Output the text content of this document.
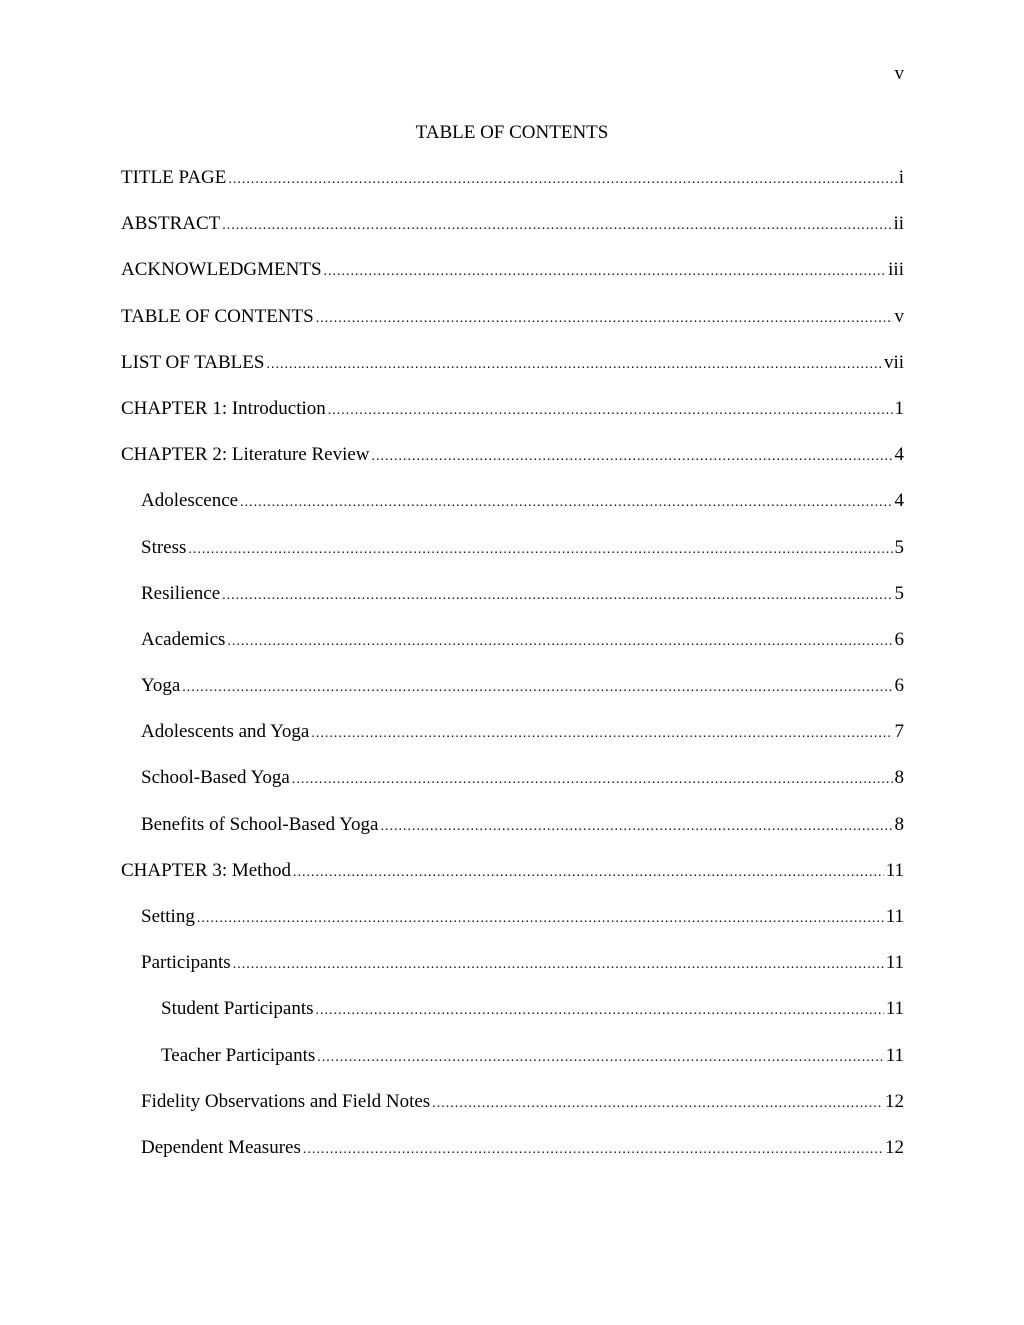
v
TABLE OF CONTENTS
TITLE PAGE .....	i
ABSTRACT .....	ii
ACKNOWLEDGMENTS .....	iii
TABLE OF CONTENTS .....	v
LIST OF TABLES .....	vii
CHAPTER 1: Introduction .....	1
CHAPTER 2: Literature Review .....	4
Adolescence .....	4
Stress .....	5
Resilience .....	5
Academics .....	6
Yoga .....	6
Adolescents and Yoga .....	7
School-Based Yoga .....	8
Benefits of School-Based Yoga .....	8
CHAPTER 3: Method .....	11
Setting .....	11
Participants .....	11
Student Participants .....	11
Teacher Participants .....	11
Fidelity Observations and Field Notes .....	12
Dependent Measures .....	12
